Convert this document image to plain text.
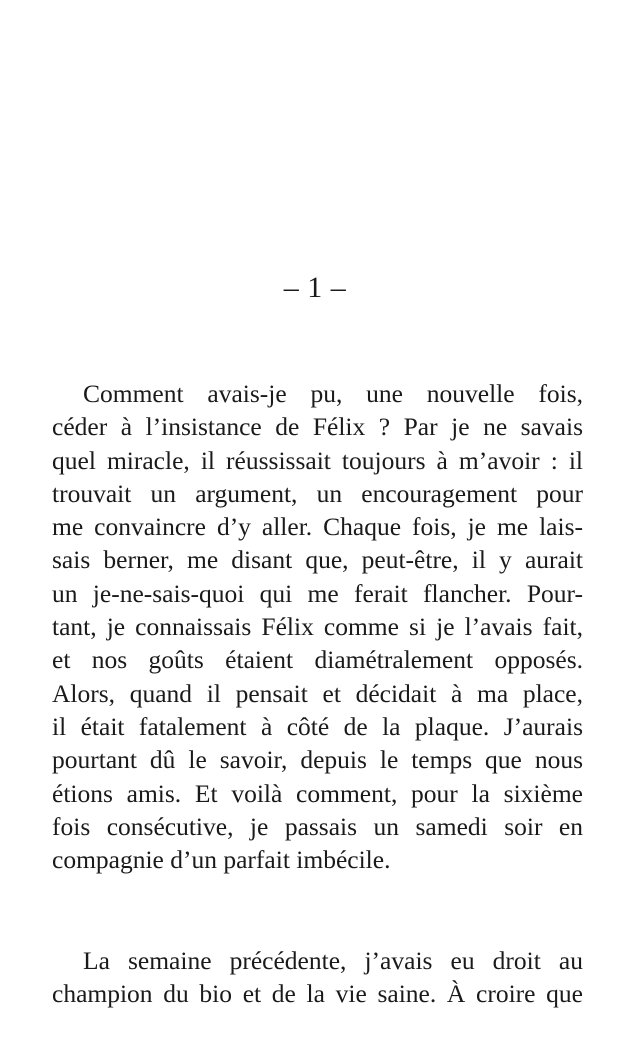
– 1 –
Comment avais-je pu, une nouvelle fois,
céder à l’insistance de Félix ? Par je ne savais
quel miracle, il réussissait toujours à m’avoir : il
trouvait un argument, un encouragement pour
me convaincre d’y aller. Chaque fois, je me lais-
sais berner, me disant que, peut-être, il y aurait
un je-ne-sais-quoi qui me ferait flancher. Pour-
tant, je connaissais Félix comme si je l’avais fait,
et nos goûts étaient diamétralement opposés.
Alors, quand il pensait et décidait à ma place,
il était fatalement à côté de la plaque. J’aurais
pourtant dû le savoir, depuis le temps que nous
étions amis. Et voilà comment, pour la sixième
fois consécutive, je passais un samedi soir en
compagnie d’un parfait imbécile.
La semaine précédente, j’avais eu droit au
champion du bio et de la vie saine. À croire que
